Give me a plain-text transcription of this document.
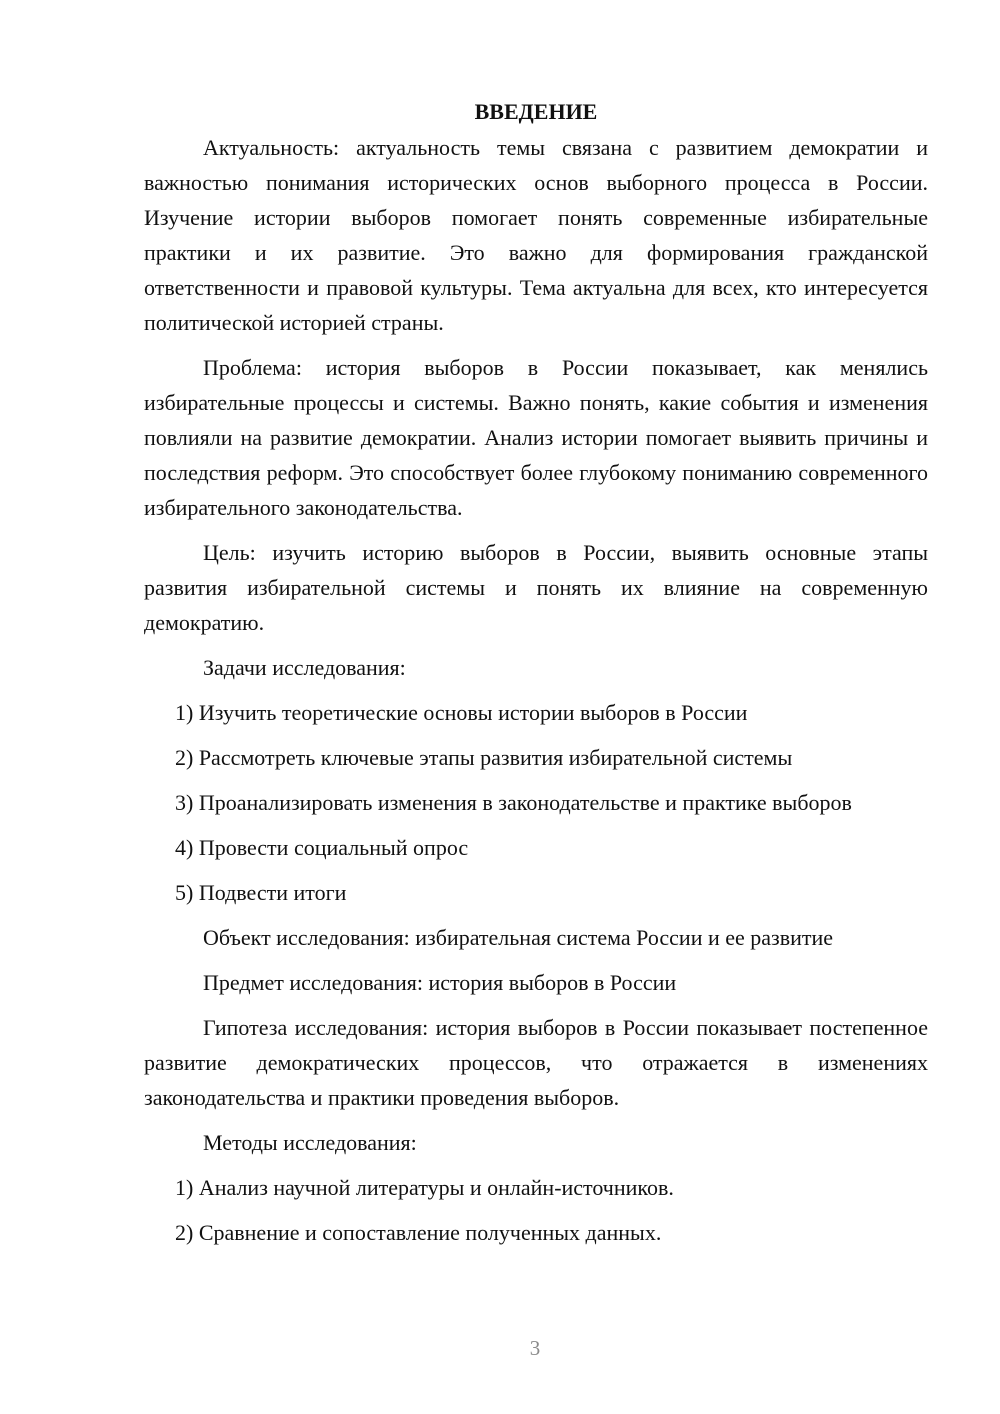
ВВЕДЕНИЕ

Актуальность: актуальность темы связана с развитием демократии и важностью понимания исторических основ выборного процесса в России. Изучение истории выборов помогает понять современные избирательные практики и их развитие. Это важно для формирования гражданской ответственности и правовой культуры. Тема актуальна для всех, кто интересуется политической историей страны.

Проблема: история выборов в России показывает, как менялись избирательные процессы и системы. Важно понять, какие события и изменения повлияли на развитие демократии. Анализ истории помогает выявить причины и последствия реформ. Это способствует более глубокому пониманию современного избирательного законодательства.

Цель: изучить историю выборов в России, выявить основные этапы развития избирательной системы и понять их влияние на современную демократию.

Задачи исследования:

1) Изучить теоретические основы истории выборов в России

2) Рассмотреть ключевые этапы развития избирательной системы

3) Проанализировать изменения в законодательстве и практике выборов

4) Провести социальный опрос

5) Подвести итоги

Объект исследования: избирательная система России и ее развитие

Предмет исследования: история выборов в России

Гипотеза исследования: история выборов в России показывает постепенное развитие демократических процессов, что отражается в изменениях законодательства и практики проведения выборов.

Методы исследования:

1) Анализ научной литературы и онлайн-источников.

2) Сравнение и сопоставление полученных данных.

3
